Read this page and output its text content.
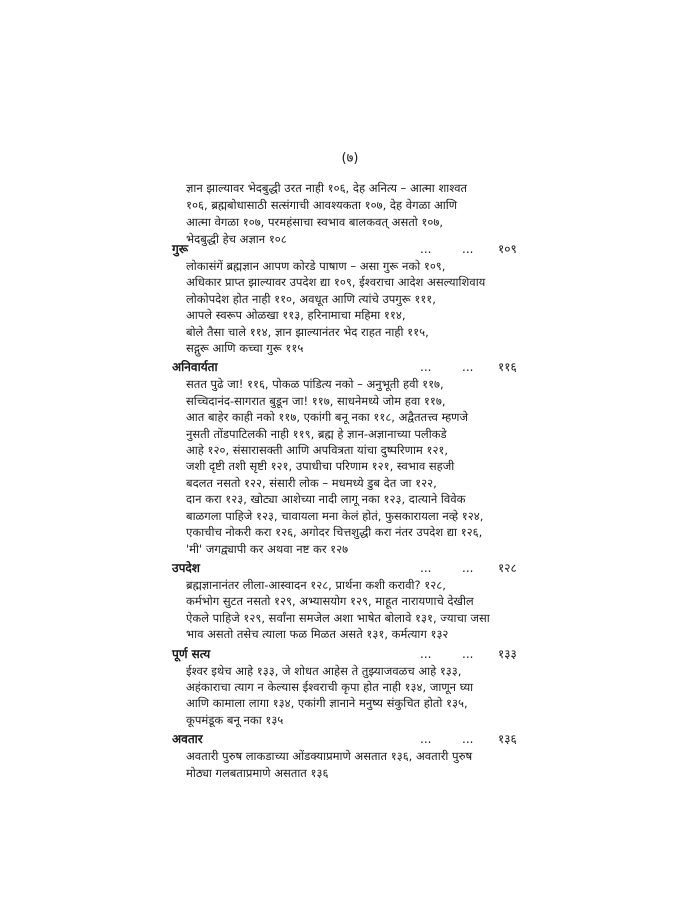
(७)
ज्ञान झाल्यावर भेदबुद्धी उरत नाही १०६, देह अनित्य – आत्मा शाश्वत
१०६, ब्रह्मबोधासाठी सत्संगाची आवश्यकता १०७, देह वेगळा आणि
आत्मा वेगळा १०७, परमहंसाचा स्वभाव बालकवत् असतो १०७,
भेदबुद्धी हेच अज्ञान १०८
गुरू	...	... १०९
लोकासंगें ब्रह्मज्ञान आपण कोरडे पाषाण – असा गुरू नको १०९,
अधिकार प्राप्त झाल्यावर उपदेश द्या १०९, ईश्वराचा आदेश असल्याशिवाय
लोकोपदेश होत नाही ११०, अवधूत आणि त्यांचे उपगुरू १११,
आपले स्वरूप ओळखा ११३, हरिनामाचा महिमा ११४,
बोले तैसा चाले ११४, ज्ञान झाल्यानंतर भेद राहत नाही ११५,
सद्गुरू आणि कच्चा गुरू ११५
अनिवार्यता	...	... ११६
सतत पुढे जा! ११६, पोकळ पांडित्य नको – अनुभूती हवी ११७,
सच्चिदानंद-सागरात बुडून जा! ११७, साधनेमध्ये जोम हवा ११७,
आत बाहेर काही नको ११७, एकांगी बनू नका ११८, अद्वैततत्त्व म्हणजे
नुसती तोंडपाटिलकी नाही ११९, ब्रह्म हे ज्ञान-अज्ञानाच्या पलीकडे
आहे १२०, संसारासक्ती आणि अपवित्रता यांचा दुष्परिणाम १२१,
जशी दृष्टी तशी सृष्टी १२१, उपाधीचा परिणाम १२१, स्वभाव सहजी
बदलत नसतो १२२, संसारी लोक – मधमध्ये डुब देत जा १२२,
दान करा १२३, खोट्या आशेच्या नादी लागू नका १२३, दात्याने विवेक
बाळगला पाहिजे १२३, चावायला मना केलं होतं, फुसकारायला नव्हे १२४,
एकाचीच नोकरी करा १२६, अगोदर चित्तशुद्धी करा नंतर उपदेश द्या १२६,
'मी' जगद्व्यापी कर अथवा नष्ट कर १२७
उपदेश	...	... १२८
ब्रह्मज्ञानानंतर लीला-आस्वादन १२८, प्रार्थना कशी करावी? १२८,
कर्मभोग सुटत नसतो १२९, अभ्यासयोग १२९, माहूत नारायणाचे देखील
ऐकले पाहिजे १२९, सर्वांना समजेल अशा भाषेत बोलावे १३१, ज्याचा जसा
भाव असतो तसेच त्याला फळ मिळत असते १३१, कर्मत्याग १३२
पूर्ण सत्य	...	... १३३
ईश्वर इथेच आहे १३३, जे शोधत आहेस ते तुझ्याजवळच आहे १३३,
अहंकाराचा त्याग न केल्यास ईश्वराची कृपा होत नाही १३४, जाणून घ्या
आणि कामाला लागा १३४, एकांगी ज्ञानाने मनुष्य संकुचित होतो १३५,
कूपमंडूक बनू नका १३५
अवतार	...	... १३६
अवतारी पुरुष लाकडाच्या ओंडक्याप्रमाणे असतात १३६, अवतारी पुरुष
मोठ्या गलबताप्रमाणे असतात १३६
